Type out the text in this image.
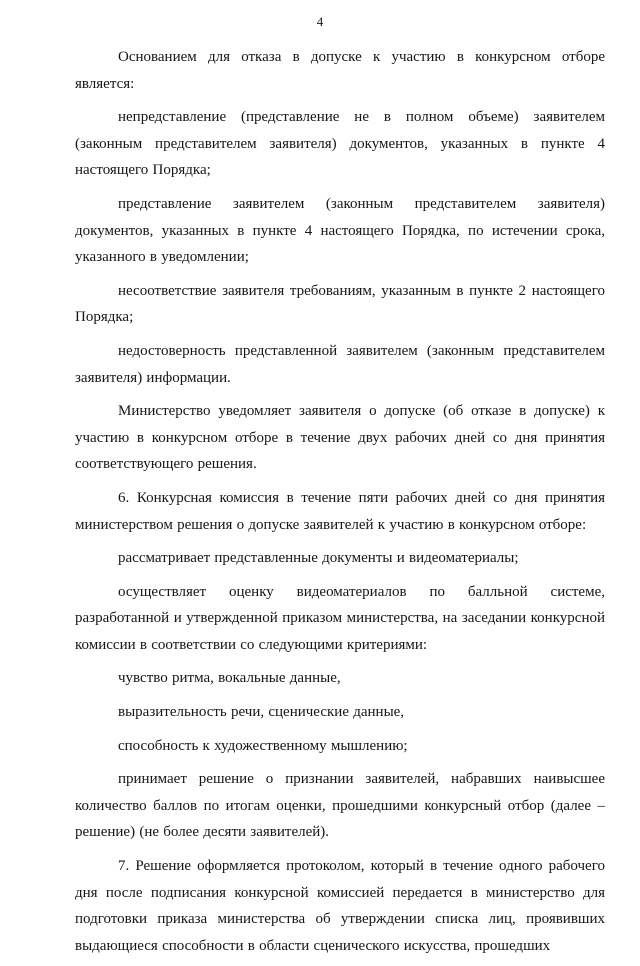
4

Основанием для отказа в допуске к участию в конкурсном отборе является:

непредставление (представление не в полном объеме) заявителем (законным представителем заявителя) документов, указанных в пункте 4 настоящего Порядка;

представление заявителем (законным представителем заявителя) документов, указанных в пункте 4 настоящего Порядка, по истечении срока, указанного в уведомлении;

несоответствие заявителя требованиям, указанным в пункте 2 настоящего Порядка;

недостоверность представленной заявителем (законным представителем заявителя) информации.

Министерство уведомляет заявителя о допуске (об отказе в допуске) к участию в конкурсном отборе в течение двух рабочих дней со дня принятия соответствующего решения.

6. Конкурсная комиссия в течение пяти рабочих дней со дня принятия министерством решения о допуске заявителей к участию в конкурсном отборе:

рассматривает представленные документы и видеоматериалы;

осуществляет оценку видеоматериалов по балльной системе, разработанной и утвержденной приказом министерства, на заседании конкурсной комиссии в соответствии со следующими критериями:

чувство ритма, вокальные данные,

выразительность речи, сценические данные,

способность к художественному мышлению;

принимает решение о признании заявителей, набравших наивысшее количество баллов по итогам оценки, прошедшими конкурсный отбор (далее – решение) (не более десяти заявителей).

7. Решение оформляется протоколом, который в течение одного рабочего дня после подписания конкурсной комиссией передается в министерство для подготовки приказа министерства об утверждении списка лиц, проявивших выдающиеся способности в области сценического искусства, прошедших
